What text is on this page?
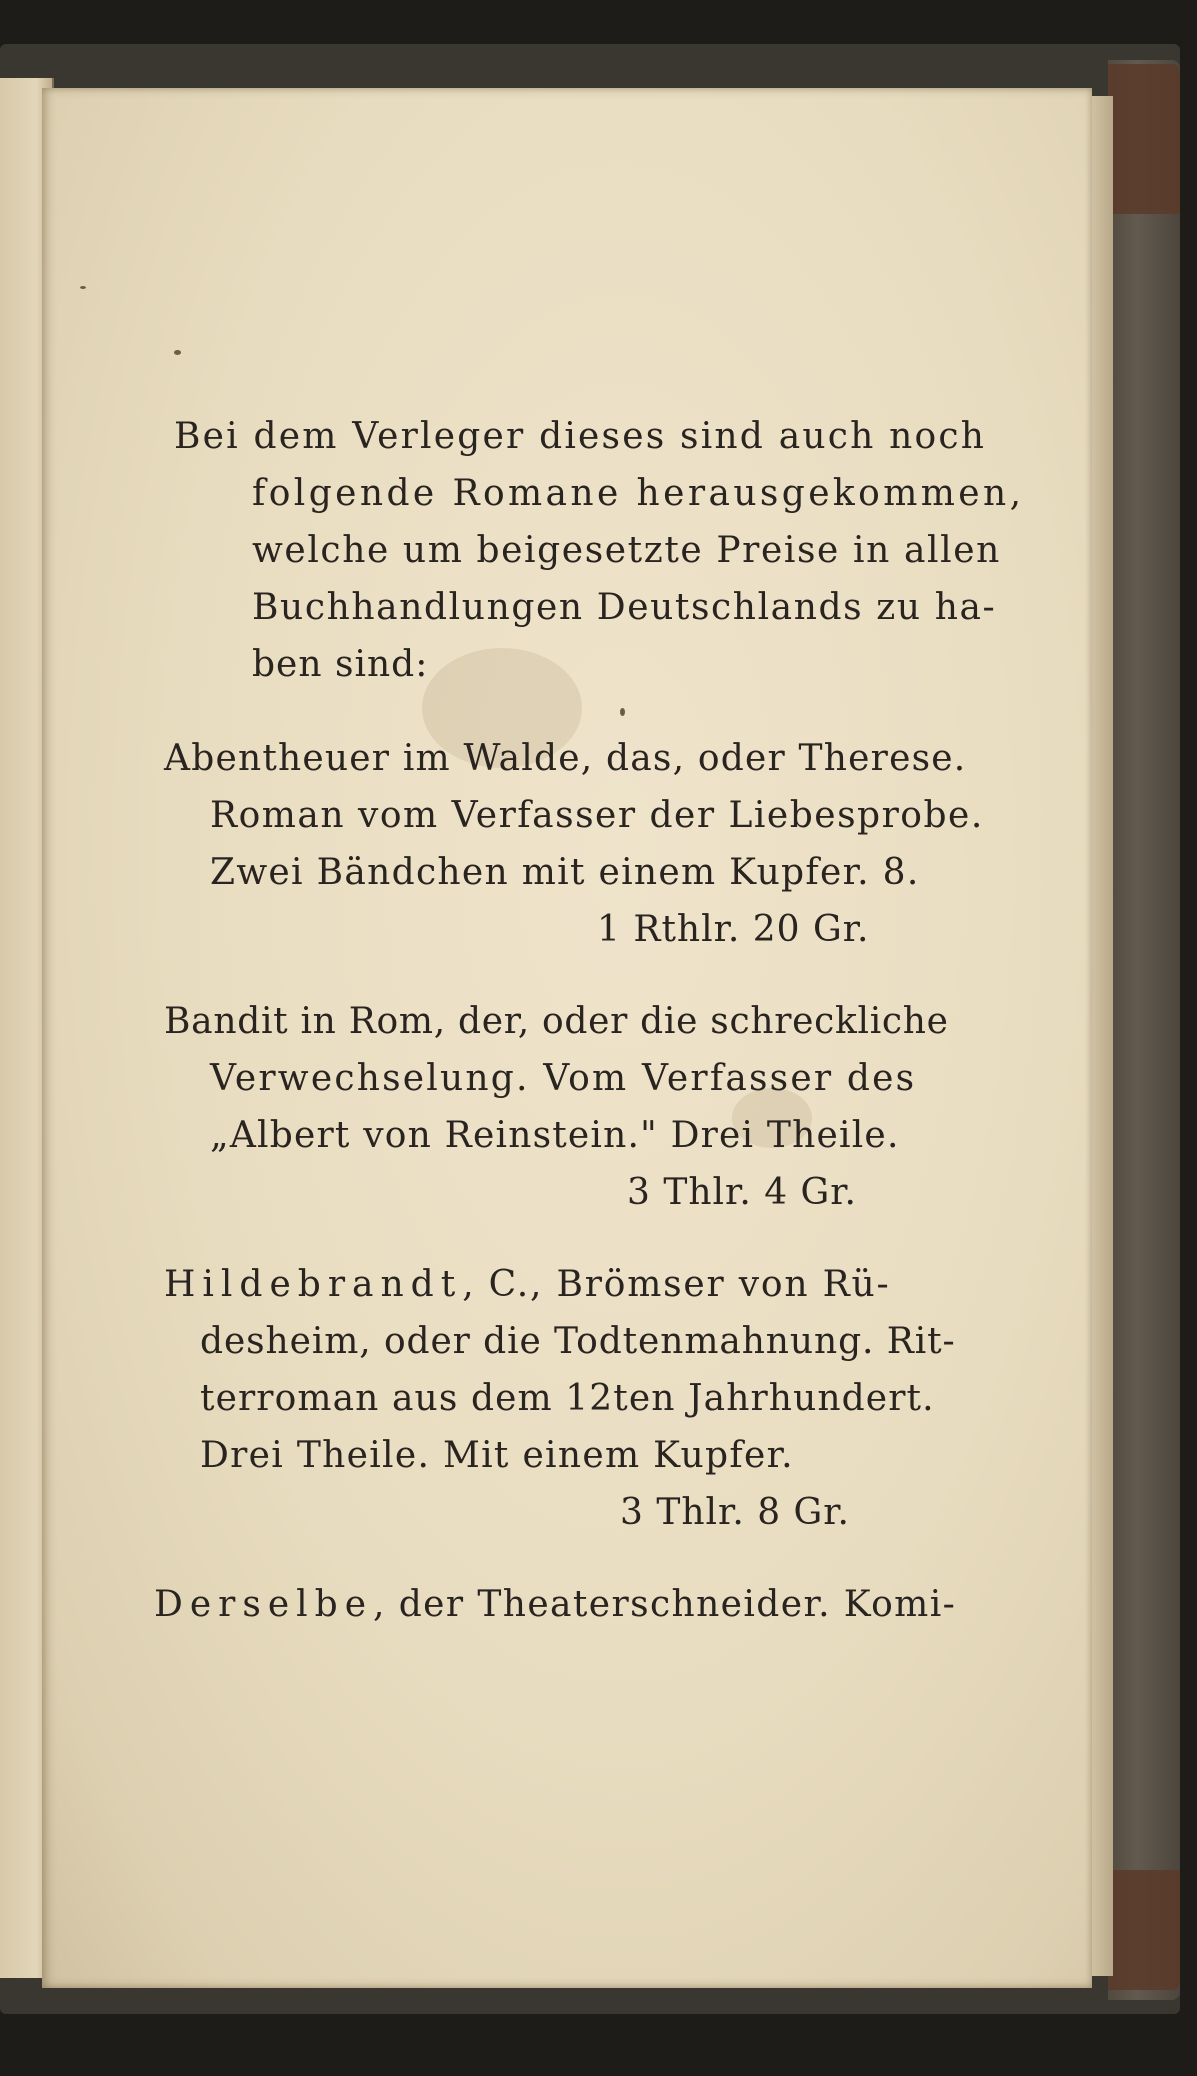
Bei dem Verleger dieses sind auch noch
folgende Romane herausgekommen,
welche um beigesetzte Preise in allen
Buchhandlungen Deutschlands zu ha-
ben sind:
Abentheuer im Walde, das, oder Therese.
Roman vom Verfasser der Liebesprobe.
Zwei Bändchen mit einem Kupfer. 8.
1 Rthlr. 20 Gr.
Bandit in Rom, der, oder die schreckliche
Verwechselung. Vom Verfasser des
„Albert von Reinstein." Drei Theile.
3 Thlr. 4 Gr.
Hildebrandt, C., Brömser von Rü-
desheim, oder die Todtenmahnung. Rit-
terroman aus dem 12ten Jahrhundert.
Drei Theile. Mit einem Kupfer.
3 Thlr. 8 Gr.
Derselbe, der Theaterschneider. Komi-
